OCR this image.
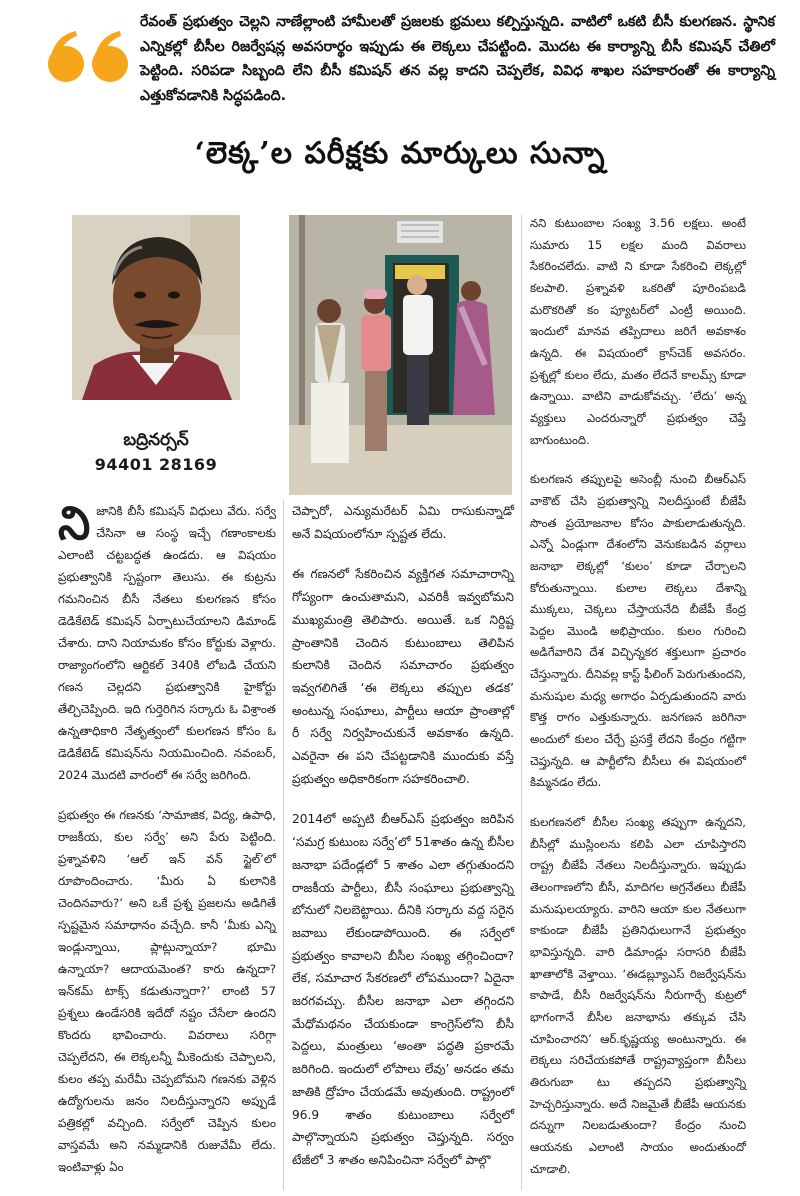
రేవంత్ ప్రభుత్వం చెల్లని నాణేల్లాంటి హామీలతో ప్రజలకు భ్రమలు కల్పిస్తున్నది. వాటిలో ఒకటి బీసీ కులగణన. స్థానిక ఎన్నికల్లో బీసీల రిజర్వేషన్ల అవసరార్థం ఇప్పుడు ఈ లెక్కలు చేపట్టింది. మొదట ఈ కార్యాన్ని బీసీ కమిషన్ చేతిలో పెట్టింది. సరిపడా సిబ్బంది లేని బీసీ కమిషన్ తన వల్ల కాదని చెప్పలేక, వివిధ శాఖల సహకారంతో ఈ కార్యాన్ని ఎత్తుకోవడానికి సిద్ధపడింది.

‘లెక్క’ల పరీక్షకు మార్కులు సున్నా

బద్రినర్సన్

94401 28169

నిజానికి బీసీ కమిషన్ విధులు వేరు. సర్వే చేసినా ఆ సంస్థ ఇచ్చే గణాంకాలకు ఎలాంటి చట్టబద్ధత ఉండదు. ఆ విషయం ప్రభుత్వానికి స్పష్టంగా తెలుసు. ఈ కుట్రను గమనించిన బీసీ నేతలు కులగణన కోసం డెడికేటెడ్ కమిషన్ ఏర్పాటుచేయాలని డిమాండ్ చేశారు. దాని నియామకం కోసం కోర్టుకు వెళ్లారు. రాజ్యాంగంలోని ఆర్టికల్ 340కి లోబడి చేయని గణన చెల్లదని ప్రభుత్వానికి హైకోర్టు తేల్చిచెప్పింది. ఇది గుర్తెరిగిన సర్కారు ఓ విశ్రాంత ఉన్నతాధికారి నేతృత్వంలో కులగణన కోసం ఓ డెడికేటెడ్ కమిషన్‌ను నియమించింది. నవంబర్, 2024 మొదటి వారంలో ఈ సర్వే జరిగింది.

ప్రభుత్వం ఈ గణనకు ‘సామాజిక, విద్య, ఉపాధి, రాజకీయ, కుల సర్వే’ అని పేరు పెట్టింది. ప్రశ్నావళిని ‘ఆల్ ఇన్ వన్ స్టైల్’లో రూపొందించారు. ‘మీరు ఏ కులానికి చెందినవారు?’ అని ఒకే ప్రశ్న ప్రజలను అడిగితే స్పష్టమైన సమాధానం వచ్చేది. కానీ ‘మీకు ఎన్ని ఇండ్లున్నాయి, ప్లాట్లున్నాయా? భూమి ఉన్నాయా? ఆదాయమెంత? కారు ఉన్నదా? ఇన్‌కమ్ టాక్స్ కడుతున్నారా?’ లాంటి 57 ప్రశ్నలు ఉండేసరికి ఇదేదో నష్టం చేసేలా ఉందని కొందరు భావించారు. వివరాలు సరిగ్గా చెప్పలేదని, ఈ లెక్కలన్నీ మీకెందుకు చెప్పాలని, కులం తప్ప మరేమీ చెప్పబోమని గణనకు వెళ్లిన ఉద్యోగులను జనం నిలదీస్తున్నారని అప్పుడే పత్రికల్లో వచ్చింది. సర్వేలో చెప్పిన కులం వాస్తవమే అని నమ్మడానికి రుజువేమీ లేదు. ఇంటివాళ్లు ఏం

చెప్పారో, ఎన్యుమరేటర్ ఏమి రాసుకున్నాడో అనే విషయంలోనూ స్పష్టత లేదు.

ఈ గణనలో సేకరించిన వ్యక్తిగత సమాచారాన్ని గోప్యంగా ఉంచుతామని, ఎవరికీ ఇవ్వబోమని ముఖ్యమంత్రి తెలిపారు. అయితే. ఒక నిర్దిష్ట ప్రాంతానికి చెందిన కుటుంబాలు తెలిపిన కులానికి చెందిన సమాచారం ప్రభుత్వం ఇవ్వగలిగితే ‘ఈ లెక్కలు తప్పుల తడక’ అంటున్న సంఘాలు, పార్టీలు ఆయా ప్రాంతాల్లో రీ సర్వే నిర్వహించుకునే అవకాశం ఉన్నది. ఎవరైనా ఈ పని చేపట్టడానికి ముందుకు వస్తే ప్రభుత్వం అధికారికంగా సహకరించాలి.

2014లో అప్పటి బీఆర్‌ఎస్ ప్రభుత్వం జరిపిన ‘సమగ్ర కుటుంబ సర్వే’లో 51శాతం ఉన్న బీసీల జనాభా పదేండ్లలో 5 శాతం ఎలా తగ్గుతుందని రాజకీయ పార్టీలు, బీసీ సంఘాలు ప్రభుత్వాన్ని బోనులో నిలబెట్టాయి. దీనికి సర్కారు వద్ద సరైన జవాబు లేకుండాపోయింది. ఈ సర్వేలో ప్రభుత్వం కావాలని బీసీల సంఖ్య తగ్గించిందా? లేక, సమాచార సేకరణలో లోపముందా? ఏదైనా జరగవచ్చు. బీసీల జనాభా ఎలా తగ్గిందని మేధోమథనం చేయకుండా కాంగ్రెస్‌లోని బీసీ పెద్దలు, మంత్రులు ‘అంతా పద్ధతి ప్రకారమే జరిగింది. ఇందులో లోపాలు లేవు’ అనడం తమ జాతికి ద్రోహం చేయడమే అవుతుంది. రాష్ట్రంలో 96.9 శాతం కుటుంబాలు సర్వేలో పాల్గొన్నాయని ప్రభుత్వం చెప్తున్నది. సర్వం టేజీలో 3 శాతం అనిపించినా సర్వేలో పాల్గొ

నని కుటుంబాల సంఖ్య 3.56 లక్షలు. అంటే సుమారు 15 లక్షల మంది వివరాలు సేకరించలేదు. వాటి ని కూడా సేకరించి లెక్కల్లో కలపాలి. ప్రశ్నావళి ఒకరితో పూరింపబడి మరొకరితో కం ప్యూటర్‌లో ఎంట్రీ అయింది. ఇందులో మానవ తప్పిదాలు జరిగే అవకాశం ఉన్నది. ఈ విషయంలో క్రాస్‌చెక్ అవసరం. ప్రశ్నల్లో కులం లేదు, మతం లేదనే కాలమ్స్ కూడా ఉన్నాయి. వాటిని వాడుకోవచ్చు. ‘లేదు’ అన్న వ్యక్తులు ఎందరున్నారో ప్రభుత్వం చెప్తే బాగుంటుంది.

కులగణన తప్పులపై అసెంబ్లీ నుంచి బీఆర్‌ఎస్ వాకౌట్ చేసి ప్రభుత్వాన్ని నిలదీస్తుంటే బీజేపీ సొంత ప్రయోజనాల కోసం పాకులాడుతున్నది. ఎన్నో ఏండ్లుగా దేశంలోని వెనుకబడిన వర్గాలు జనాభా లెక్కల్లో ‘కులం’ కూడా చేర్చాలని కోరుతున్నాయి. కులాల లెక్కలు దేశాన్ని ముక్కలు, చెక్కలు చేస్తాయనేది బీజేపీ కేంద్ర పెద్దల మొండి అభిప్రాయం. కులం గురించి అడిగేవారిని దేశ విచ్ఛిన్నకర శక్తులుగా ప్రచారం చేస్తున్నారు. దీనివల్ల కాస్ట్ ఫీలింగ్ పెరుగుతుందని, మనుషుల మధ్య అగాధం ఏర్పడుతుందని వారు కొత్త రాగం ఎత్తుకున్నారు. జనగణన జరిగినా అందులో కులం చేర్చే ప్రసక్తే లేదని కేంద్రం గట్టిగా చెప్తున్నది. ఆ పార్టీలోని బీసీలు ఈ విషయంలో కిమ్మనడం లేదు.

కులగణనలో బీసీల సంఖ్య తప్పుగా ఉన్నదని, బీసీల్లో ముస్లింలను కలిపి ఎలా చూపిస్తారని రాష్ట్ర బీజేపీ నేతలు నిలదీస్తున్నారు. ఇప్పుడు తెలంగాణలోని బీసీ, మాదిగల అగ్రనేతలు బీజేపీ మనుషులయ్యారు. వారిని ఆయా కుల నేతలుగా కాకుండా బీజేపీ ప్రతినిధులుగానే ప్రభుత్వం భావిస్తున్నది. వారి డిమాండ్లు సరాసరి బీజేపీ ఖాతాలోకి వెళ్తాయి. ‘ఈడబ్ల్యూఎస్ రిజర్వేషన్‌ను కాపాడే, బీసీ రిజర్వేషన్‌ను నీరుగార్చే కుట్రలో భాగంగానే బీసీల జనాభాను తక్కువ చేసి చూపించారని’ ఆర్.కృష్ణయ్య అంటున్నారు. ఈ లెక్కలు సరిచేయకపోతే రాష్ట్రవ్యాప్తంగా బీసీలు తిరుగుబా టు తప్పదని ప్రభుత్వాన్ని హెచ్చరిస్తున్నారు. అదే నిజమైతే బీజేపీ ఆయనకు దన్నుగా నిలబడుతుందా? కేంద్రం నుంచి ఆయనకు ఎలాంటి సాయం అందుతుందో చూడాలి.
